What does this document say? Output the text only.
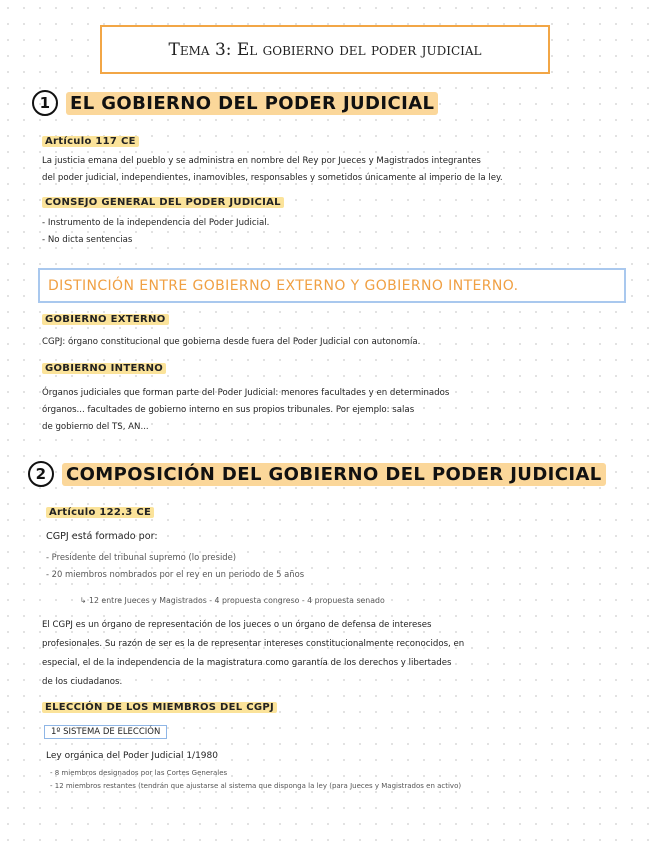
Tema 3: El gobierno del poder judicial
1	EL GOBIERNO DEL PODER JUDICIAL
Artículo 117 CE
La justicia emana del pueblo y se administra en nombre del Rey por Jueces y Magistrados integrantes
del poder judicial, independientes, inamovibles, responsables y sometidos únicamente al imperio de la ley.
CONSEJO GENERAL DEL PODER JUDICIAL
- Instrumento de la independencia del Poder Judicial.
- No dicta sentencias
DISTINCIÓN ENTRE GOBIERNO EXTERNO Y GOBIERNO INTERNO.
GOBIERNO EXTERNO
CGPJ: órgano constitucional que gobierna desde fuera del Poder Judicial con autonomía.
GOBIERNO INTERNO
Órganos judiciales que forman parte del Poder Judicial: menores facultades y en determinados
órganos... facultades de gobierno interno en sus propios tribunales. Por ejemplo: salas
de gobierno del TS, AN...
2	COMPOSICIÓN DEL GOBIERNO DEL PODER JUDICIAL
Artículo 122.3 CE
CGPJ está formado por:
- Presidente del tribunal supremo (lo preside)
- 20 miembros nombrados por el rey en un periodo de 5 años
↳ 12 entre Jueces y Magistrados - 4 propuesta congreso - 4 propuesta senado
El CGPJ es un órgano de representación de los jueces o un órgano de defensa de intereses
profesionales. Su razón de ser es la de representar intereses constitucionalmente reconocidos, en
especial, el de la independencia de la magistratura como garantía de los derechos y libertades
de los ciudadanos.
ELECCIÓN DE LOS MIEMBROS DEL CGPJ
1º SISTEMA DE ELECCIÓN
Ley orgánica del Poder Judicial 1/1980
- 8 miembros designados por las Cortes Generales
- 12 miembros restantes (tendrán que ajustarse al sistema que disponga la ley (para Jueces y Magistrados en activo)
